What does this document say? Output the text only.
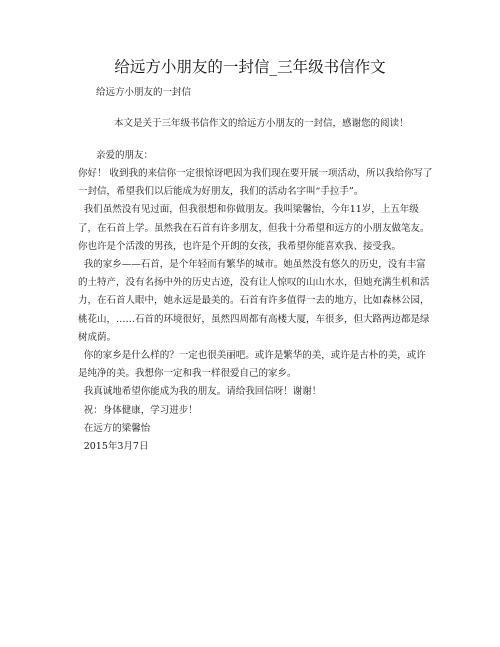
给远方小朋友的一封信_三年级书信作文
给远方小朋友的一封信
本文是关于三年级书信作文的给远方小朋友的一封信，感谢您的阅读！
亲爱的朋友：

你好！ 收到我的来信你一定很惊讶吧因为我们现在要开展一项活动，所以我给你写了一封信，希望我们以后能成为好朋友，我们的活动名字叫“手拉手”。

我们虽然没有见过面，但我很想和你做朋友。我叫梁馨怡，今年11岁，上五年级了，在石首上学。虽然我在石首有许多朋友，但我十分希望和远方的小朋友做笔友。你也许是个活泼的男孩，也许是个开朗的女孩，我希望你能喜欢我、接受我。

我的家乡——石首，是个年轻而有繁华的城市。她虽然没有悠久的历史，没有丰富的土特产，没有名扬中外的历史古迹，没有让人惊叹的山山水水，但她充满生机和活力，在石首人眼中，她永远是最美的。石首有许多值得一去的地方，比如森林公园，桃花山，……石首的环境很好，虽然四周都有高楼大厦，车很多，但大路两边都是绿树成荫。

你的家乡是什么样的？一定也很美丽吧。或许是繁华的美，或许是古朴的美，或许是纯净的美。我想你一定和我一样很爱自己的家乡。

我真诚地希望你能成为我的朋友。请给我回信呀！谢谢！

祝：身体健康，学习进步！

在远方的梁馨怡

2015年3月7日
